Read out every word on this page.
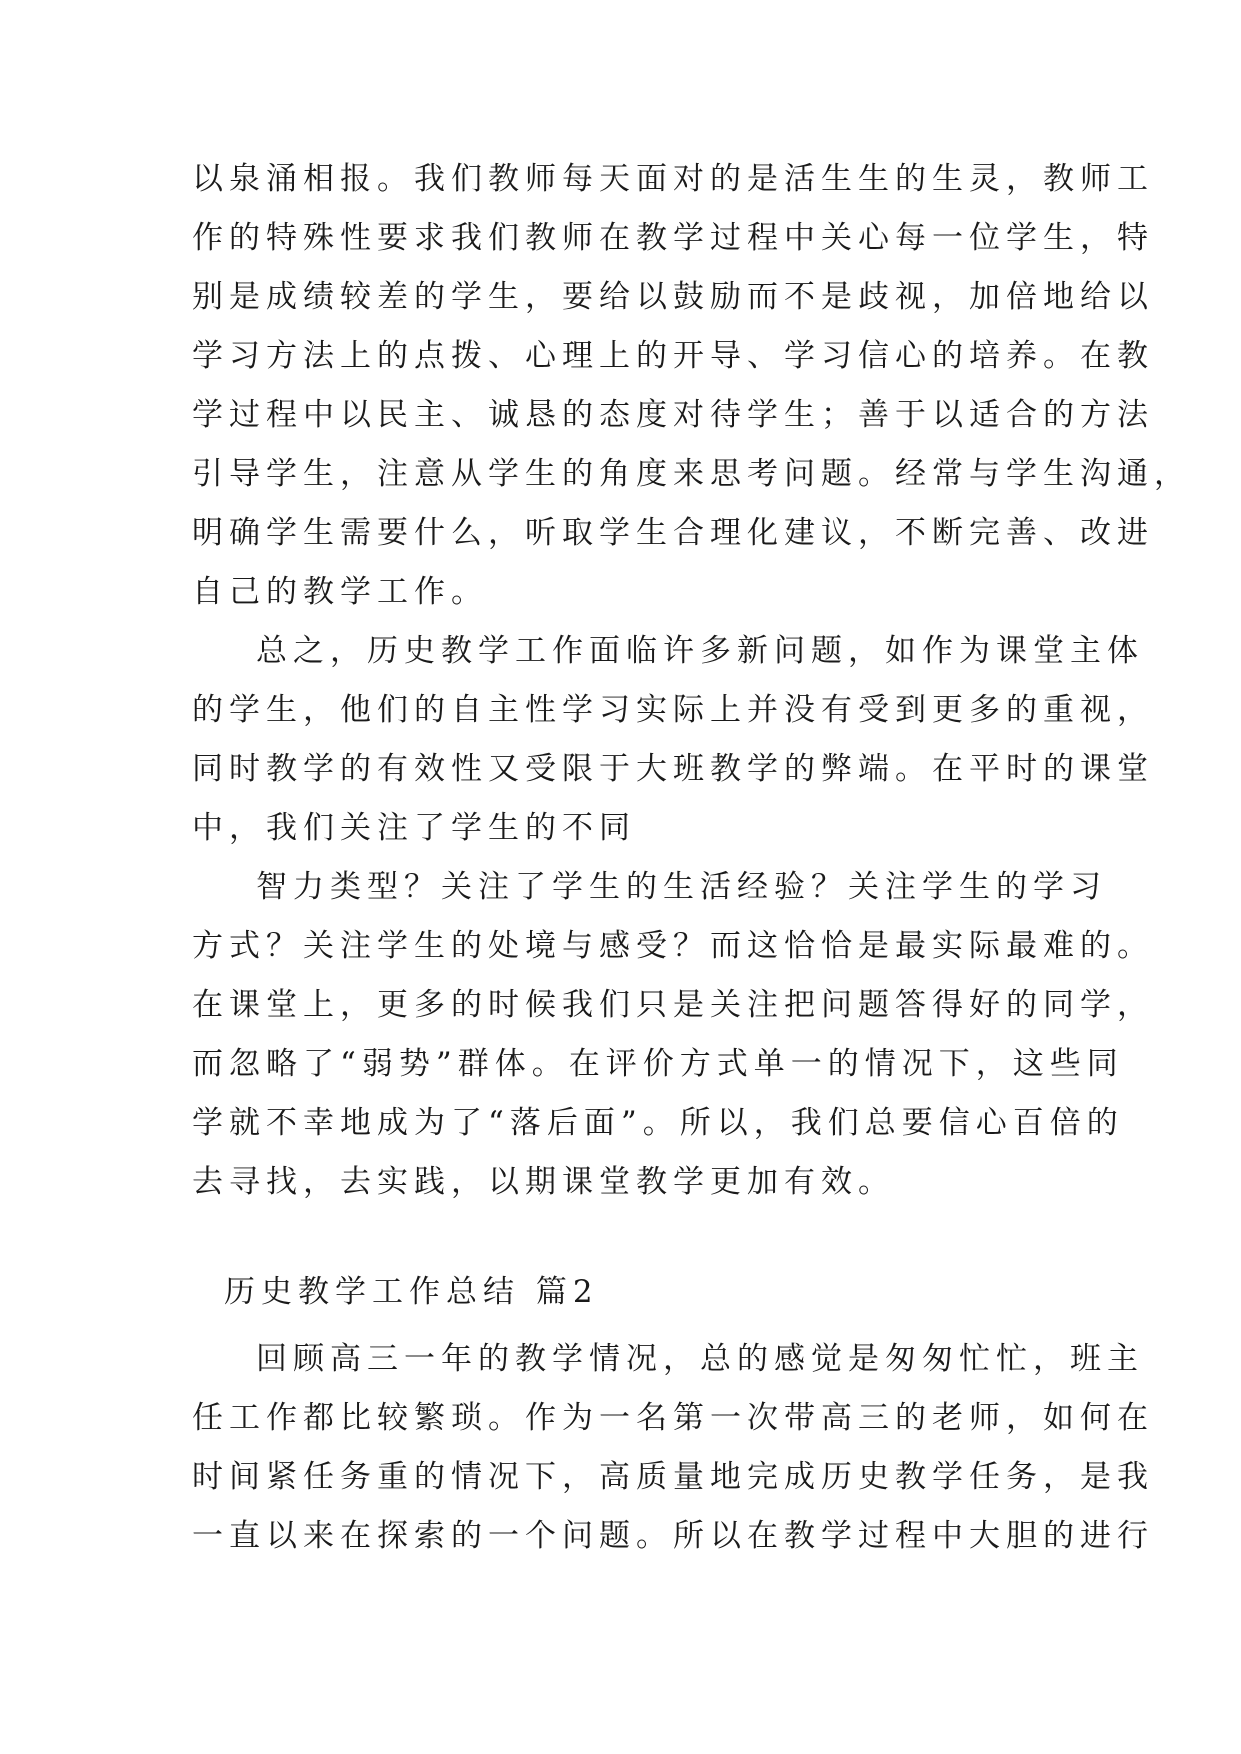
以泉涌相报。我们教师每天面对的是活生生的生灵，教师工
作的特殊性要求我们教师在教学过程中关心每一位学生，特
别是成绩较差的学生，要给以鼓励而不是歧视，加倍地给以
学习方法上的点拨、心理上的开导、学习信心的培养。在教
学过程中以民主、诚恳的态度对待学生；善于以适合的方法
引导学生，注意从学生的角度来思考问题。经常与学生沟通，
明确学生需要什么，听取学生合理化建议，不断完善、改进
自己的教学工作。
总之，历史教学工作面临许多新问题，如作为课堂主体
的学生，他们的自主性学习实际上并没有受到更多的重视，
同时教学的有效性又受限于大班教学的弊端。在平时的课堂
中，我们关注了学生的不同
智力类型？关注了学生的生活经验？关注学生的学习
方式？关注学生的处境与感受？而这恰恰是最实际最难的。
在课堂上，更多的时候我们只是关注把问题答得好的同学，
而忽略了“弱势”群体。在评价方式单一的情况下，这些同
学就不幸地成为了“落后面”。所以，我们总要信心百倍的
去寻找，去实践，以期课堂教学更加有效。
历史教学工作总结 篇2
回顾高三一年的教学情况，总的感觉是匆匆忙忙，班主
任工作都比较繁琐。作为一名第一次带高三的老师，如何在
时间紧任务重的情况下，高质量地完成历史教学任务，是我
一直以来在探索的一个问题。所以在教学过程中大胆的进行
